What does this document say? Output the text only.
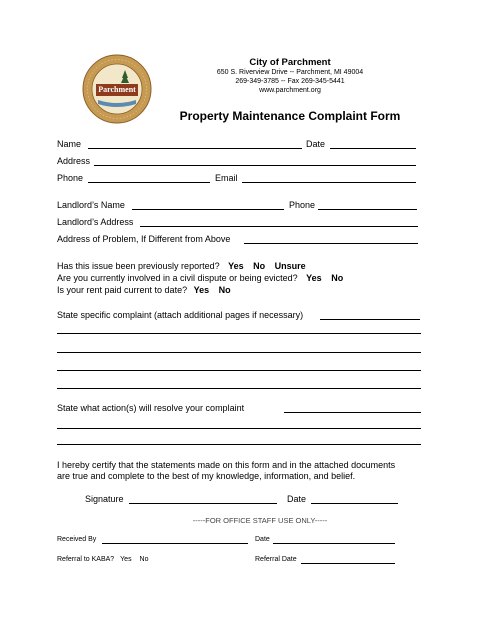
Parchment
City of Parchment
650 S. Riverview Drive -- Parchment, MI 49004
269-349-3785 -- Fax 269-345-5441
www.parchment.org
Property Maintenance Complaint Form
Name	Date
Address
Phone	Email
Landlord’s Name	Phone
Landlord’s Address
Address of Problem, If Different from Above
Has this issue been previously reported? Yes No Unsure
Are you currently involved in a civil dispute or being evicted? Yes No
Is your rent paid current to date? Yes No
State specific complaint (attach additional pages if necessary)
State what action(s) will resolve your complaint
I hereby certify that the statements made on this form and in the attached documents
are true and complete to the best of my knowledge, information, and belief.
Signature	Date
-----FOR OFFICE STAFF USE ONLY-----
Received By	Date
Referral to KABA? Yes No	Referral Date
